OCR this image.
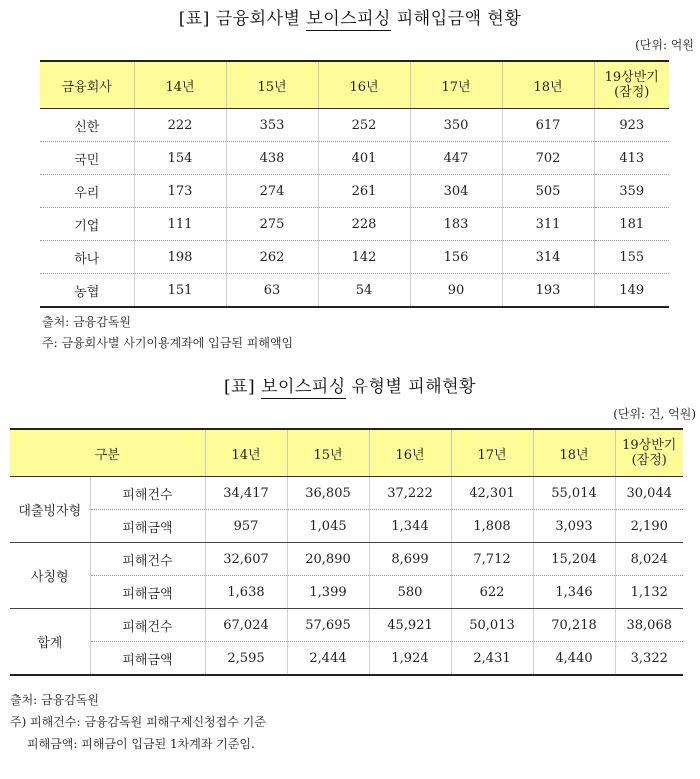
[표] 금융회사별 보이스피싱 피해입금액 현황
(단위: 억원
금융회사	14년	15년	16년	17년	18년	19상반기
(잠정)
신한	222	353	252	350	617	923
국민	154	438	401	447	702	413
우리	173	274	261	304	505	359
기업	111	275	228	183	311	181
하나	198	262	142	156	314	155
농협	151	63	54	90	193	149
출처: 금융감독원
주: 금융회사별 사기이용계좌에 입금된 피해액임
[표] 보이스피싱 유형별 피해현황
(단위: 건, 억원)
구분		14년	15년	16년	17년	18년	19상반기
(잠정)
대출빙자형	피해건수	34,417	36,805	37,222	42,301	55,014	30,044
	피해금액	957	1,045	1,344	1,808	3,093	2,190
사칭형	피해건수	32,607	20,890	8,699	7,712	15,204	8,024
	피해금액	1,638	1,399	580	622	1,346	1,132
합계	피해건수	67,024	57,695	45,921	50,013	70,218	38,068
	피해금액	2,595	2,444	1,924	2,431	4,440	3,322
출처: 금융감독원
주) 피해건수: 금융감독원 피해구제신청접수 기준
피해금액: 피해금이 입금된 1차계좌 기준임.
